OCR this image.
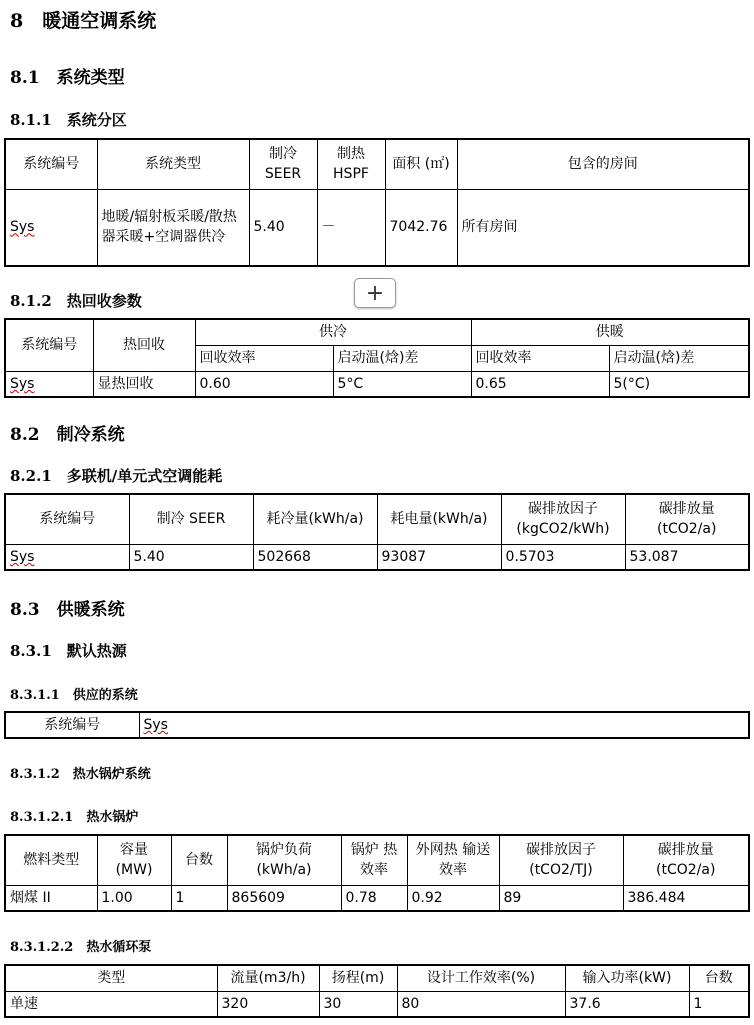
8　暖通空调系统
8.1　系统类型
8.1.1　系统分区
系统编号	系统类型	制冷 SEER	制热 HSPF	面积 (㎡)	包含的房间
Sys	地暖/辐射板采暖/散热器采暖+空调器供冷	5.40	－	7042.76	所有房间
+
8.1.2　热回收参数
系统编号	热回收	供冷		供暖	
		回收效率	启动温(焓)差	回收效率	启动温(焓)差
Sys	显热回收	0.60	5°C	0.65	5(°C)
8.2　制冷系统
8.2.1　多联机/单元式空调能耗
系统编号	制冷 SEER	耗冷量(kWh/a)	耗电量(kWh/a)	碳排放因子 (kgCO2/kWh)	碳排放量 (tCO2/a)
Sys	5.40	502668	93087	0.5703	53.087
8.3　供暖系统
8.3.1　默认热源
8.3.1.1　供应的系统
系统编号	Sys
8.3.1.2　热水锅炉系统
8.3.1.2.1　热水锅炉
燃料类型	容量 (MW)	台数	锅炉负荷 (kWh/a)	锅炉 热效率	外网热 输送效率	碳排放因子 (tCO2/TJ)	碳排放量 (tCO2/a)
烟煤 II	1.00	1	865609	0.78	0.92	89	386.484
8.3.1.2.2　热水循环泵
类型	流量(m3/h)	扬程(m)	设计工作效率(%)	输入功率(kW)	台数
单速	320	30	80	37.6	1
